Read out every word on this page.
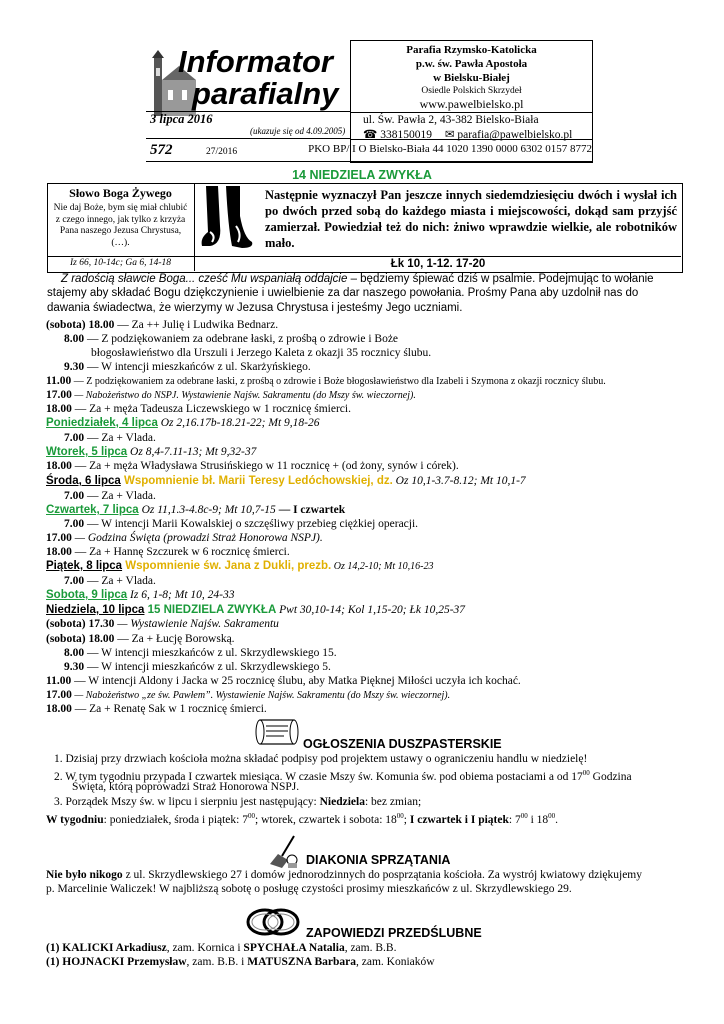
Informator
parafialny
Parafia Rzymsko-Katolicka
p.w. św. Pawła Apostoła
w Bielsku-Białej
Osiedle Polskich Skrzydeł
www.pawelbielsko.pl
ul. Św. Pawła 2, 43-382 Bielsko-Biała
☎ 338150019 ✉ parafia@pawelbielsko.pl
PKO BP/ I O Bielsko-Biała 44 1020 1390 0000 6302 0157 8772
3 lipca 2016
(ukazuje się od 4.09.2005)
572	27/2016
14 NIEDZIELA ZWYKŁA
Słowo Boga Żywego
Nie daj Boże, bym się miał chlubić z czego innego, jak tylko z krzyża Pana naszego Jezusa Chrystusa, (…).
Iz 66, 10-14c; Ga 6, 14-18
Następnie wyznaczył Pan jeszcze innych siedemdziesięciu dwóch i wysłał ich po dwóch przed sobą do każdego miasta i miejscowości, dokąd sam przyjść zamierzał. Powiedział też do nich: żniwo wprawdzie wielkie, ale robotników mało.
Łk 10, 1-12. 17-20
Z radością sławcie Boga... cześć Mu wspaniałą oddajcie – będziemy śpiewać dziś w psalmie. Podejmując to wołanie
stajemy aby składać Bogu dziękczynienie i uwielbienie za dar naszego powołania. Prośmy Pana aby uzdolnił nas do
dawania świadectwa, że wierzymy w Jezusa Chrystusa i jesteśmy Jego uczniami.
(sobota) 18.00 — Za ++ Julię i Ludwika Bednarz.
8.00 — Z podziękowaniem za odebrane łaski, z prośbą o zdrowie i Boże
błogosławieństwo dla Urszuli i Jerzego Kaleta z okazji 35 rocznicy ślubu.
9.30 — W intencji mieszkańców z ul. Skarżyńskiego.
11.00 — Z podziękowaniem za odebrane łaski, z prośbą o zdrowie i Boże błogosławieństwo dla Izabeli i Szymona z okazji rocznicy ślubu.
17.00 — Nabożeństwo do NSPJ. Wystawienie Najśw. Sakramentu (do Mszy św. wieczornej).
18.00 — Za + męża Tadeusza Liczewskiego w 1 rocznicę śmierci.
Poniedziałek, 4 lipca Oz 2,16.17b-18.21-22; Mt 9,18-26
7.00 — Za + Vlada.
Wtorek, 5 lipca Oz 8,4-7.11-13; Mt 9,32-37
18.00 — Za + męża Władysława Strusińskiego w 11 rocznicę + (od żony, synów i córek).
Środa, 6 lipca Wspomnienie bł. Marii Teresy Ledóchowskiej, dz. Oz 10,1-3.7-8.12; Mt 10,1-7
7.00 — Za + Vlada.
Czwartek, 7 lipca Oz 11,1.3-4.8c-9; Mt 10,7-15 — I czwartek
7.00 — W intencji Marii Kowalskiej o szczęśliwy przebieg ciężkiej operacji.
17.00 — Godzina Święta (prowadzi Straż Honorowa NSPJ).
18.00 — Za + Hannę Szczurek w 6 rocznicę śmierci.
Piątek, 8 lipca Wspomnienie św. Jana z Dukli, prezb. Oz 14,2-10; Mt 10,16-23
7.00 — Za + Vlada.
Sobota, 9 lipca Iz 6, 1-8; Mt 10, 24-33
Niedziela, 10 lipca 15 NIEDZIELA ZWYKŁA Pwt 30,10-14; Kol 1,15-20; Łk 10,25-37
(sobota) 17.30 — Wystawienie Najśw. Sakramentu
(sobota) 18.00 — Za + Łucję Borowską.
8.00 — W intencji mieszkańców z ul. Skrzydlewskiego 15.
9.30 — W intencji mieszkańców z ul. Skrzydlewskiego 5.
11.00 — W intencji Aldony i Jacka w 25 rocznicę ślubu, aby Matka Pięknej Miłości uczyła ich kochać.
17.00 — Nabożeństwo „ze św. Pawłem”. Wystawienie Najśw. Sakramentu (do Mszy św. wieczornej).
18.00 — Za + Renatę Sak w 1 rocznicę śmierci.
OGŁOSZENIA DUSZPASTERSKIE
1. Dzisiaj przy drzwiach kościoła można składać podpisy pod projektem ustawy o ograniczeniu handlu w niedzielę!
2. W tym tygodniu przypada I czwartek miesiąca. W czasie Mszy św. Komunia św. pod obiema postaciami a od $17^{00}$ Godzina
Święta, którą poprowadzi Straż Honorowa NSPJ.
3. Porządek Mszy św. w lipcu i sierpniu jest następujący: Niedziela: bez zmian;
W tygodniu: poniedziałek, środa i piątek: $7^{00}$; wtorek, czwartek i sobota: $18^{00}$; I czwartek i I piątek: $7^{00}$ i $18^{00}$.
DIAKONIA SPRZĄTANIA
Nie było nikogo z ul. Skrzydlewskiego 27 i domów jednorodzinnych do posprzątania kościoła. Za wystrój kwiatowy dziękujemy
p. Marcelinie Waliczek! W najbliższą sobotę o posługę czystości prosimy mieszkańców z ul. Skrzydlewskiego 29.
ZAPOWIEDZI PRZEDŚLUBNE
(1) KALICKI Arkadiusz, zam. Kornica i SPYCHAŁA Natalia, zam. B.B.
(1) HOJNACKI Przemysław, zam. B.B. i MATUSZNA Barbara, zam. Koniaków
